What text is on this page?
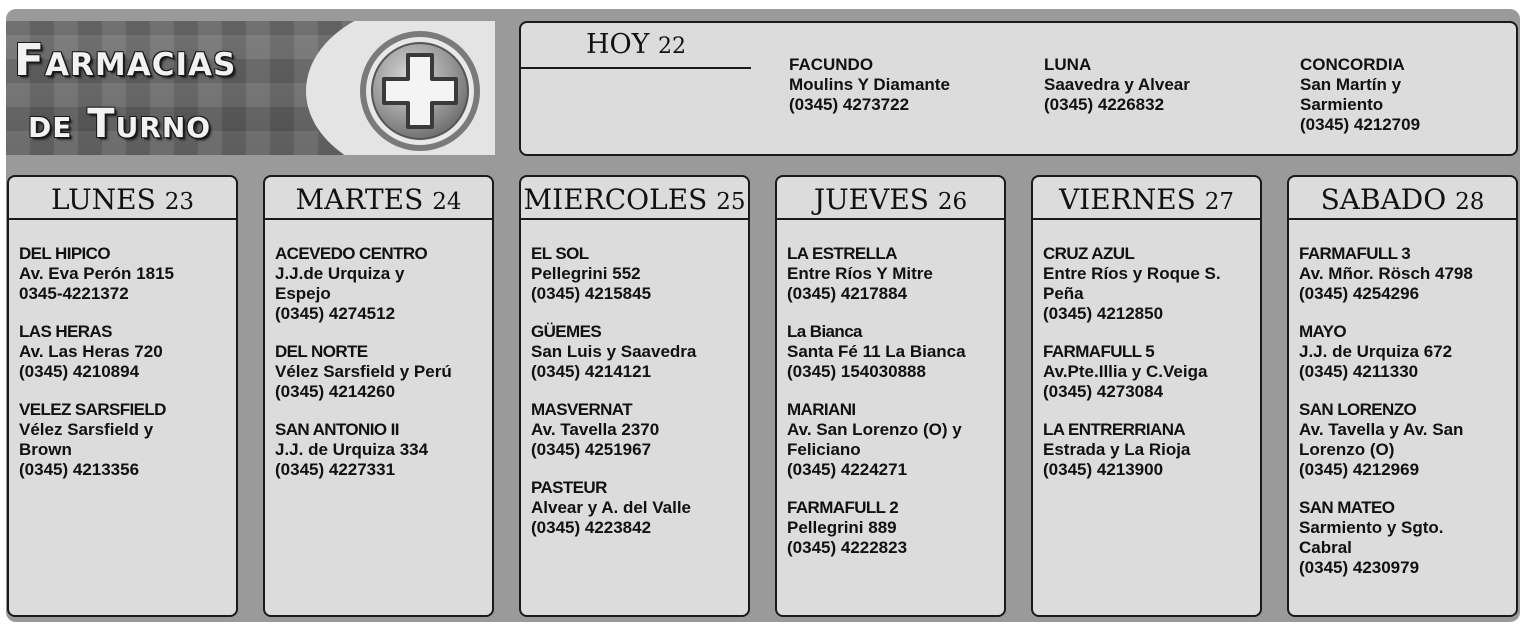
Farmacias
de Turno
HOY 22
FACUNDO
Moulins Y Diamante
(0345) 4273722
LUNA
Saavedra y Alvear
(0345) 4226832
CONCORDIA
San Martín y
Sarmiento
(0345) 4212709
LUNES 23
DEL HIPICO
Av. Eva Perón 1815
0345-4221372
LAS HERAS
Av. Las Heras 720
(0345) 4210894
VELEZ SARSFIELD
Vélez Sarsfield y
Brown
(0345) 4213356
MARTES 24
ACEVEDO CENTRO
J.J.de Urquiza y
Espejo
(0345) 4274512
DEL NORTE
Vélez Sarsfield y Perú
(0345) 4214260
SAN ANTONIO II
J.J. de Urquiza 334
(0345) 4227331
MIERCOLES 25
EL SOL
Pellegrini 552
(0345) 4215845
GÜEMES
San Luis y Saavedra
(0345) 4214121
MASVERNAT
Av. Tavella 2370
(0345) 4251967
PASTEUR
Alvear y A. del Valle
(0345) 4223842
JUEVES 26
LA ESTRELLA
Entre Ríos Y Mitre
(0345) 4217884
La Bianca
Santa Fé 11 La Bianca
(0345) 154030888
MARIANI
Av. San Lorenzo (O) y
Feliciano
(0345) 4224271
FARMAFULL 2
Pellegrini 889
(0345) 4222823
VIERNES 27
CRUZ AZUL
Entre Ríos y Roque S.
Peña
(0345) 4212850
FARMAFULL 5
Av.Pte.Illia y C.Veiga
(0345) 4273084
LA ENTRERRIANA
Estrada y La Rioja
(0345) 4213900
SABADO 28
FARMAFULL 3
Av. Mñor. Rösch 4798
(0345) 4254296
MAYO
J.J. de Urquiza 672
(0345) 4211330
SAN LORENZO
Av. Tavella y Av. San
Lorenzo (O)
(0345) 4212969
SAN MATEO
Sarmiento y Sgto.
Cabral
(0345) 4230979
